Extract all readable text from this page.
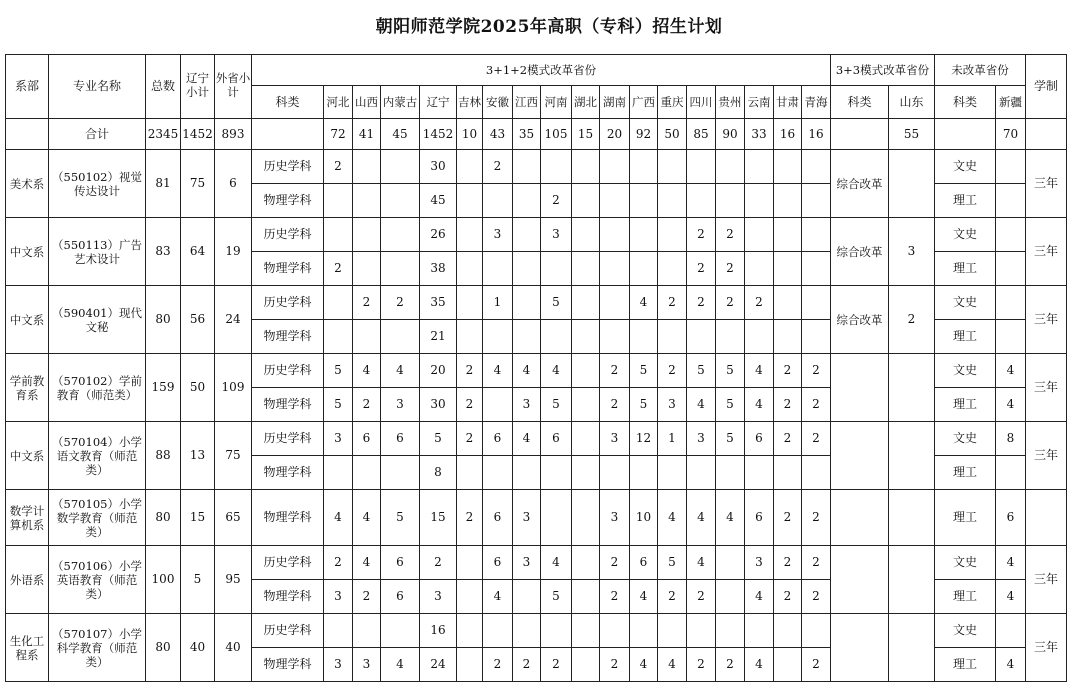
朝阳师范学院2025年高职（专科）招生计划
系部	专业名称	总数	辽宁小计	外省小计	3+1+2模式改革省份																		3+3模式改革省份		未改革省份		学制
					科类	河北	山西	内蒙古	辽宁	吉林	安徽	江西	河南	湖北	湖南	广西	重庆	四川	贵州	云南	甘肃	青海	科类	山东	科类	新疆	
	合计	2345	1452	893		72	41	45	1452	10	43	35	105	15	20	92	50	85	90	33	16	16		55		70	
美术系	（550102）视觉传达设计	81	75	6	历史学科	2			30		2												综合改革		文史		三年
					物理学科				45				2												理工		
中文系	（550113）广告艺术设计	83	64	19	历史学科				26		3		3					2	2				综合改革	3	文史		三年
					物理学科	2			38									2	2						理工		
中文系	（590401）现代文秘	80	56	24	历史学科		2	2	35		1		5			4	2	2	2	2			综合改革	2	文史		三年
					物理学科				21																理工		
学前教育系	（570102）学前教育（师范类）	159	50	109	历史学科	5	4	4	20	2	4	4	4		2	5	2	5	5	4	2	2			文史	4	三年
					物理学科	5	2	3	30	2		3	5		2	5	3	4	5	4	2	2			理工	4	
中文系	（570104）小学语文教育（师范类）	88	13	75	历史学科	3	6	6	5	2	6	4	6		3	12	1	3	5	6	2	2			文史	8	三年
					物理学科				8																理工		
数学计算机系	（570105）小学数学教育（师范类）	80	15	65	物理学科	4	4	5	15	2	6	3			3	10	4	4	4	6	2	2			理工	6	
外语系	（570106）小学英语教育（师范类）	100	5	95	历史学科	2	4	6	2		6	3	4		2	6	5	4		3	2	2			文史	4	三年
					物理学科	3	2	6	3		4		5		2	4	2	2		4	2	2			理工	4	
生化工程系	（570107）小学科学教育（师范类）	80	40	40	历史学科				16																文史		三年
					物理学科	3	3	4	24		2	2	2		2	4	4	2	2	4		2			理工	4	
